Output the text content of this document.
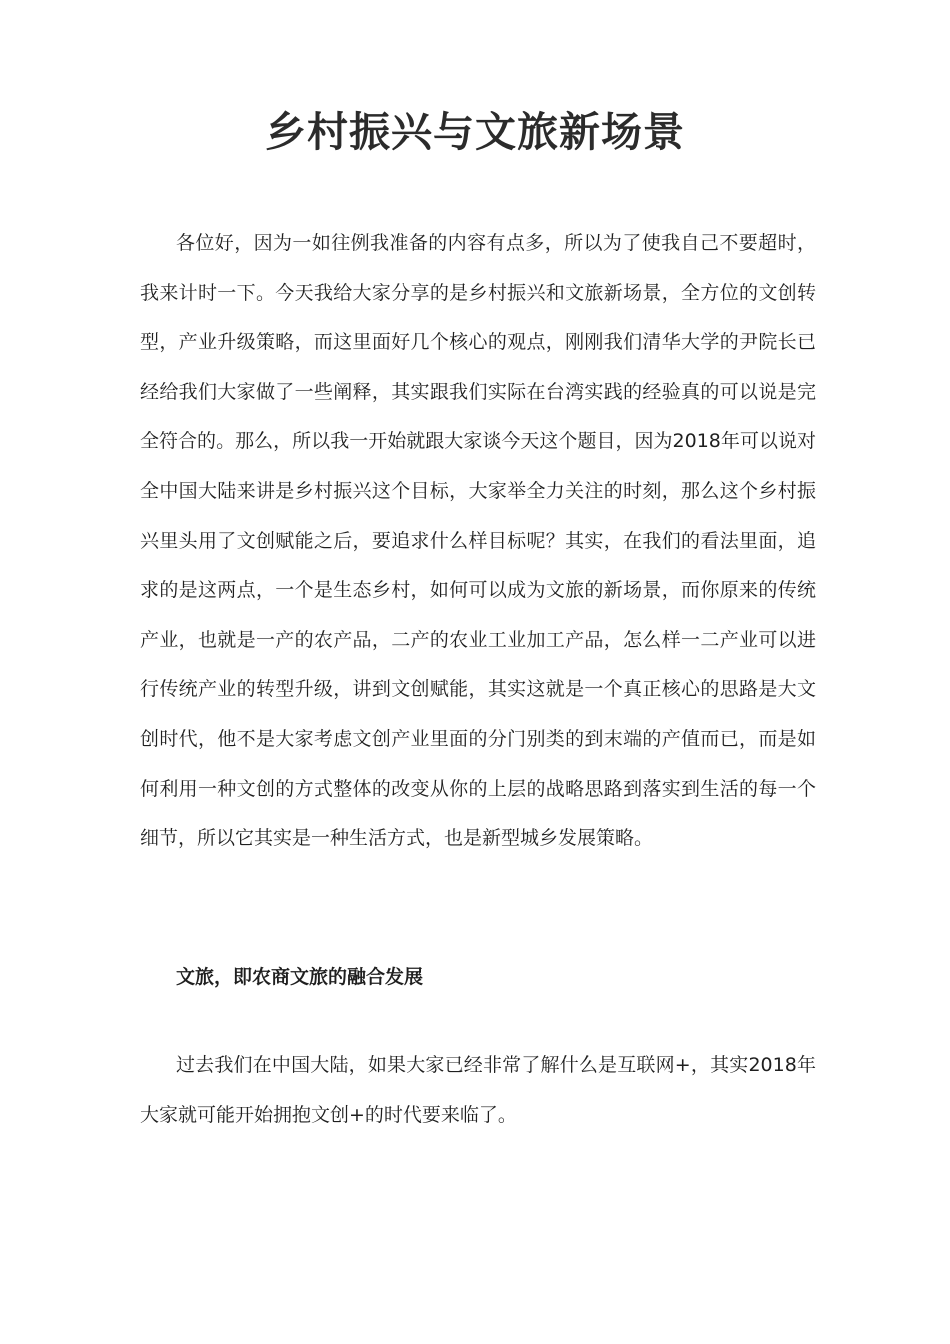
乡村振兴与文旅新场景

各位好，因为一如往例我准备的内容有点多，所以为了使我自己不要超时，我来计时一下。今天我给大家分享的是乡村振兴和文旅新场景，全方位的文创转型，产业升级策略，而这里面好几个核心的观点，刚刚我们清华大学的尹院长已经给我们大家做了一些阐释，其实跟我们实际在台湾实践的经验真的可以说是完全符合的。那么，所以我一开始就跟大家谈今天这个题目，因为2018年可以说对全中国大陆来讲是乡村振兴这个目标，大家举全力关注的时刻，那么这个乡村振兴里头用了文创赋能之后，要追求什么样目标呢？其实，在我们的看法里面，追求的是这两点，一个是生态乡村，如何可以成为文旅的新场景，而你原来的传统产业，也就是一产的农产品，二产的农业工业加工产品，怎么样一二产业可以进行传统产业的转型升级，讲到文创赋能，其实这就是一个真正核心的思路是大文创时代，他不是大家考虑文创产业里面的分门别类的到末端的产值而已，而是如何利用一种文创的方式整体的改变从你的上层的战略思路到落实到生活的每一个细节，所以它其实是一种生活方式，也是新型城乡发展策略。

文旅，即农商文旅的融合发展

过去我们在中国大陆，如果大家已经非常了解什么是互联网+，其实2018年大家就可能开始拥抱文创+的时代要来临了。
